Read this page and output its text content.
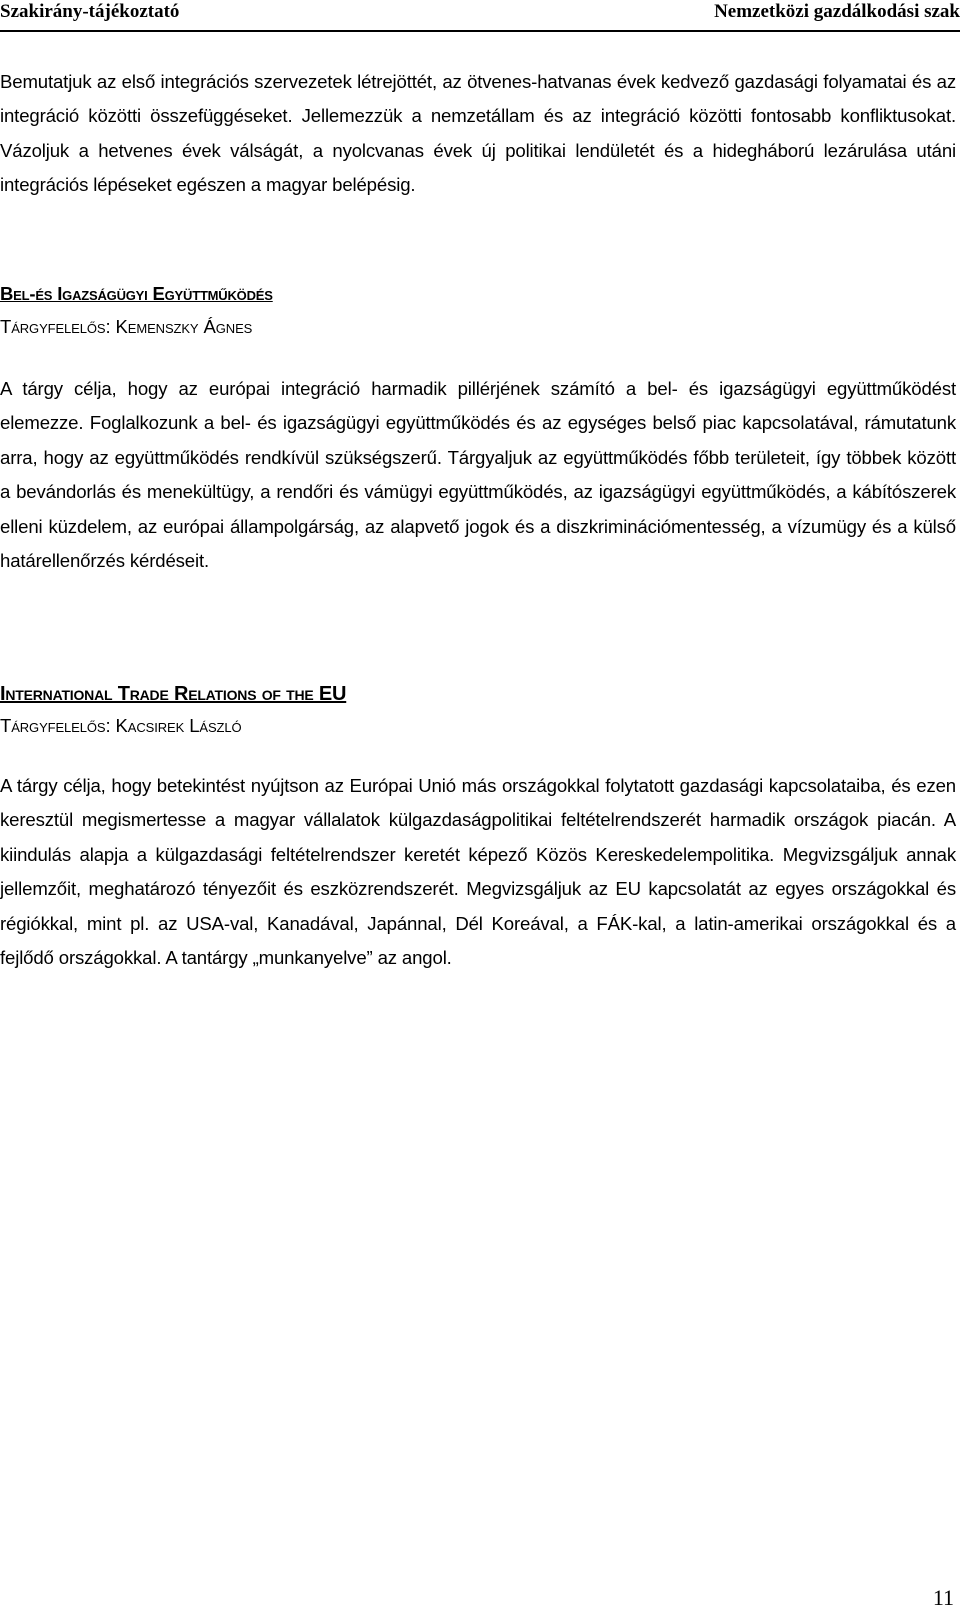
Szakirány-tájékoztató	Nemzetközi gazdálkodási szak

Bemutatjuk az első integrációs szervezetek létrejöttét, az ötvenes-hatvanas évek kedvező gazdasági folyamatai és az integráció közötti összefüggéseket. Jellemezzük a nemzetállam és az integráció közötti fontosabb konfliktusokat. Vázoljuk a hetvenes évek válságát, a nyolcvanas évek új politikai lendületét és a hidegháború lezárulása utáni integrációs lépéseket egészen a magyar belépésig.

Bel-és Igazságügyi Együttműködés

Tárgyfelelős: Kemenszky Ágnes

A tárgy célja, hogy az európai integráció harmadik pillérjének számító a bel- és igazságügyi együttműködést elemezze. Foglalkozunk a bel- és igazságügyi együttműködés és az egységes belső piac kapcsolatával, rámutatunk arra, hogy az együttműködés rendkívül szükségszerű. Tárgyaljuk az együttműködés főbb területeit, így többek között a bevándorlás és menekültügy, a rendőri és vámügyi együttműködés, az igazságügyi együttműködés, a kábítószerek elleni küzdelem, az európai állampolgárság, az alapvető jogok és a diszkriminációmentesség, a vízumügy és a külső határellenőrzés kérdéseit.

International Trade Relations of the EU

Tárgyfelelős: Kacsirek László

A tárgy célja, hogy betekintést nyújtson az Európai Unió más országokkal folytatott gazdasági kapcsolataiba, és ezen keresztül megismertesse a magyar vállalatok külgazdaságpolitikai feltételrendszerét harmadik országok piacán. A kiindulás alapja a külgazdasági feltételrendszer keretét képező Közös Kereskedelempolitika. Megvizsgáljuk annak jellemzőit, meghatározó tényezőit és eszközrendszerét. Megvizsgáljuk az EU kapcsolatát az egyes országokkal és régiókkal, mint pl. az USA-val, Kanadával, Japánnal, Dél Koreával, a FÁK-kal, a latin-amerikai országokkal és a fejlődő országokkal. A tantárgy „munkanyelve” az angol.

11
